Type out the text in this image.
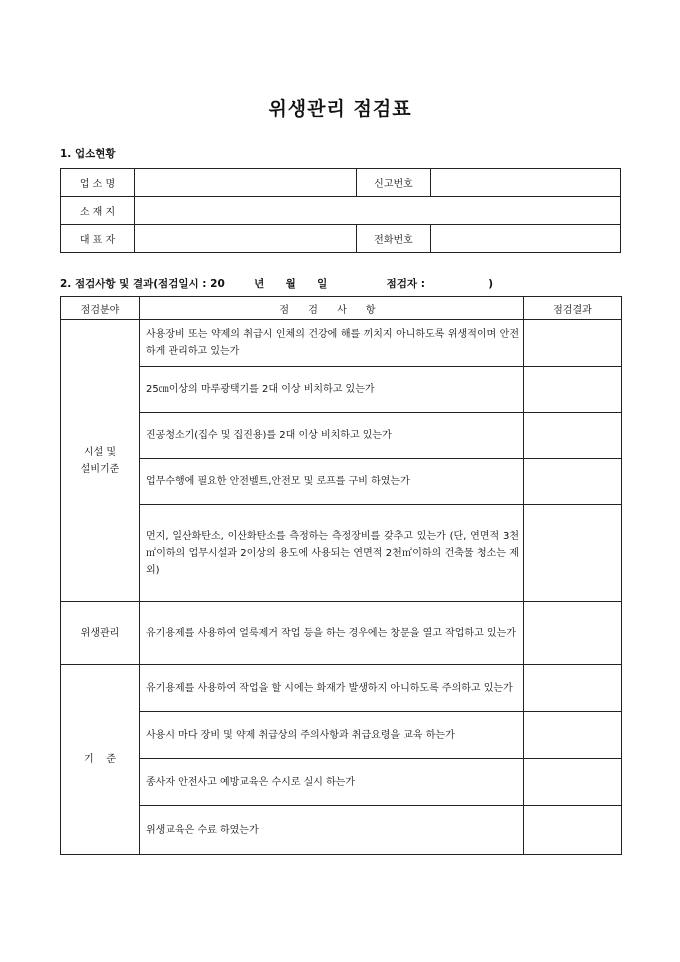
위생관리 점검표
1. 업소현황
업 소 명		신고번호	
소 재 지			
대 표 자		전화번호	
2. 점검사항 및 결과(점검일시 : 20	년 월 일	점검자 :	)
점검분야	점 검 사 항	점검결과
시설 및
설비기준	사용장비 또는 약제의 취급시 인체의 건강에 해를 끼치지 아니하도록 위생적이며 안전하게 관리하고 있는가	
	25㎝이상의 마루광택기를 2대 이상 비치하고 있는가	
	진공청소기(집수 및 집진용)를 2대 이상 비치하고 있는가	
	업무수행에 필요한 안전벨트,안전모 및 로프를 구비 하였는가	
	먼지, 일산화탄소, 이산화탄소를 측정하는 측정장비를 갖추고 있는가 (단, 연면적 3천㎡이하의 업무시설과 2이상의 용도에 사용되는 연면적 2천㎡이하의 건축물 청소는 제외)	
위생관리	유기용제를 사용하여 얼룩제거 작업 등을 하는 경우에는 창문을 열고 작업하고 있는가	
기    준	유기용제를 사용하여 작업을 할 시에는 화재가 발생하지 아니하도록 주의하고 있는가	
	사용시 마다 장비 및 약제 취급상의 주의사항과 취급요령을 교육 하는가	
	종사자 안전사고 예방교육은 수시로 실시 하는가	
	위생교육은 수료 하였는가	
